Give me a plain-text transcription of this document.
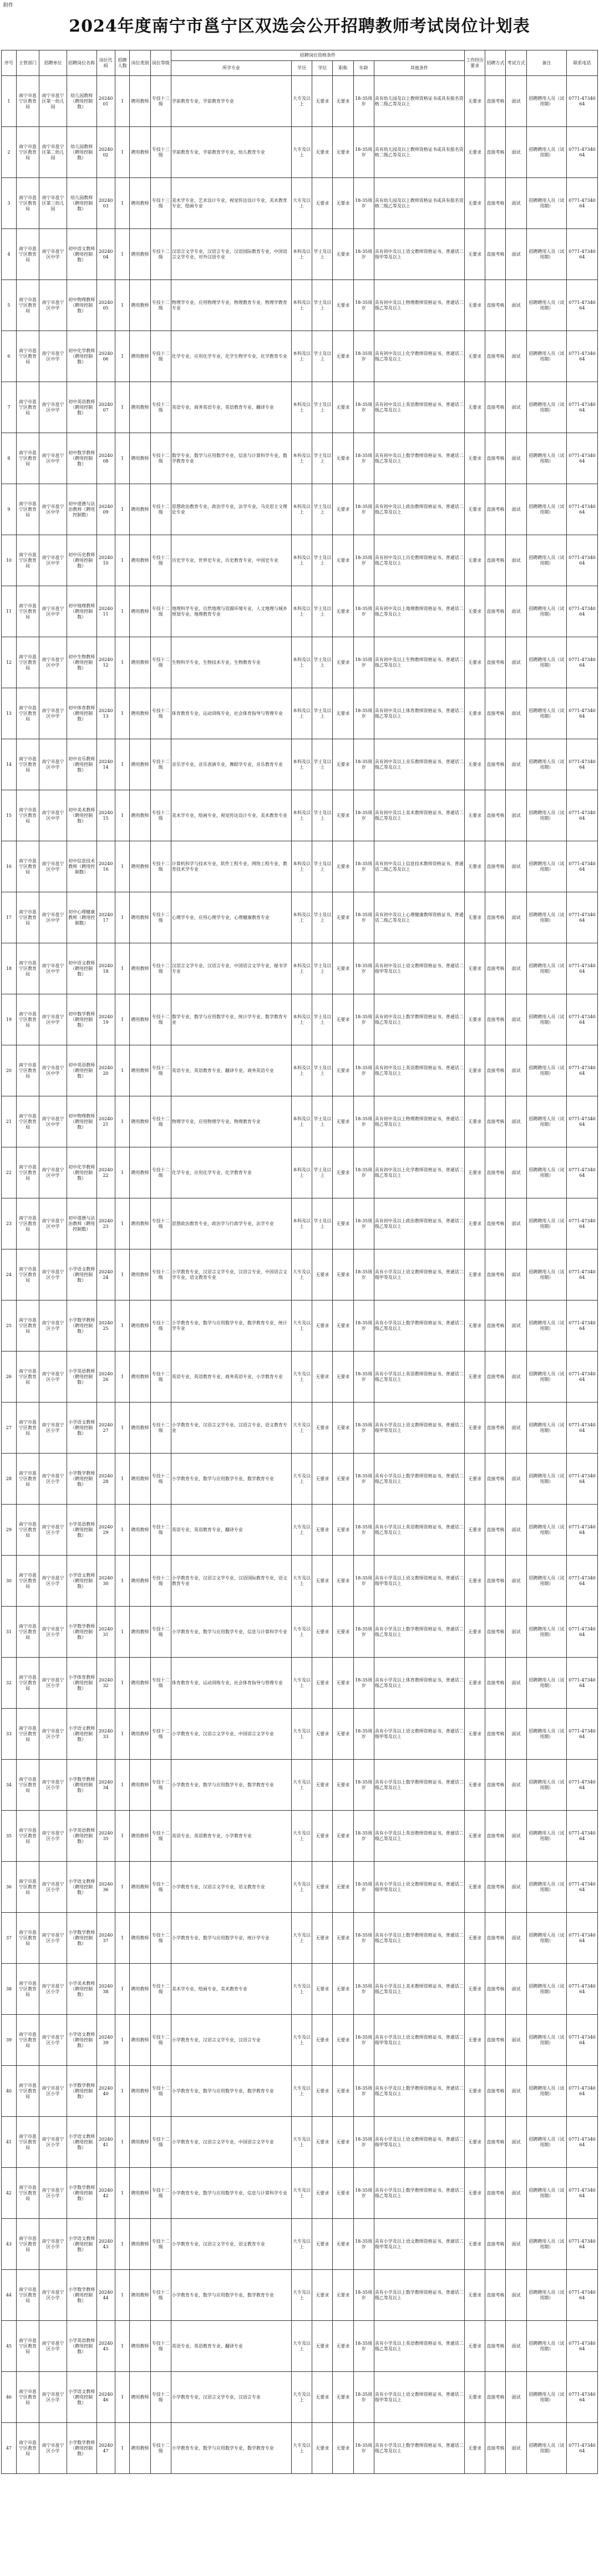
附件
2024年度南宁市邕宁区双选会公开招聘教师考试岗位计划表
序号	主管部门	招聘单位	招聘岗位名称	岗位代码	招聘人数	岗位类别	岗位等级	招聘岗位资格条件						工作经历要求	招聘方式	考试方式	备注	联系电话
								所学专业	学历	学位	职称	年龄	其他条件					
1	南宁市邕宁区教育局	南宁市邕宁区第一幼儿园	幼儿园教师（聘用控制数）	2024001	1	聘用教师	专技十三级	学前教育专业，学前教育学专业	大专及以上	无要求	无要求	18-35周岁	具有幼儿园及以上教师资格证书或具有报名资格二级乙等及以上	无要求	直接考核	面试	招聘聘用人员（试用期）	0771-4734064
2	南宁市邕宁区教育局	南宁市邕宁区第二幼儿园	幼儿园教师（聘用控制数）	2024002	1	聘用教师	专技十三级	学前教育专业，学前教育学专业，幼儿教育专业	大专及以上	无要求	无要求	18-35周岁	具有幼儿园及以上教师资格证书或具有报名资格二级乙等及以上	无要求	直接考核	面试	招聘聘用人员（试用期）	0771-4734064
3	南宁市邕宁区教育局	南宁市邕宁区第三幼儿园	幼儿园教师（聘用控制数）	2024003	1	聘用教师	专技十三级	美术学专业，艺术设计专业，视觉传达设计专业，美术教育专业，绘画专业	大专及以上	无要求	无要求	18-35周岁	具有幼儿园及以上教师资格证书或具有报名资格二级乙等及以上	无要求	直接考核	面试	招聘聘用人员（试用期）	0771-4734064
4	南宁市邕宁区教育局	南宁市邕宁区中学	初中语文教师（聘用控制数）	2024004	1	聘用教师	专技十二级	汉语言文学专业，汉语言专业，汉语国际教育专业，中国语言文学专业，对外汉语专业	本科及以上	学士及以上	无要求	18-35周岁	具有初中及以上语文教师资格证书，普通话二级甲等及以上	无要求	直接考核	面试	招聘聘用人员（试用期）	0771-4734064
5	南宁市邕宁区教育局	南宁市邕宁区中学	初中物理教师（聘用控制数）	2024005	1	聘用教师	专技十二级	物理学专业，应用物理学专业，物理教育专业，物理学教育专业	本科及以上	学士及以上	无要求	18-35周岁	具有初中及以上物理教师资格证书，普通话二级乙等及以上	无要求	直接考核	面试	招聘聘用人员（试用期）	0771-4734064
6	南宁市邕宁区教育局	南宁市邕宁区中学	初中化学教师（聘用控制数）	2024006	1	聘用教师	专技十二级	化学专业，应用化学专业，化学生物学专业，化学教育专业	本科及以上	学士及以上	无要求	18-35周岁	具有初中及以上化学教师资格证书，普通话二级乙等及以上	无要求	直接考核	面试	招聘聘用人员（试用期）	0771-4734064
7	南宁市邕宁区教育局	南宁市邕宁区中学	初中英语教师（聘用控制数）	2024007	1	聘用教师	专技十二级	英语专业，商务英语专业，英语教育专业，翻译专业	本科及以上	学士及以上	无要求	18-35周岁	具有初中及以上英语教师资格证书，普通话二级乙等及以上	无要求	直接考核	面试	招聘聘用人员（试用期）	0771-4734064
8	南宁市邕宁区教育局	南宁市邕宁区中学	初中数学教师（聘用控制数）	2024008	1	聘用教师	专技十二级	数学专业，数学与应用数学专业，信息与计算科学专业，数学教育专业	本科及以上	学士及以上	无要求	18-35周岁	具有初中及以上数学教师资格证书，普通话二级乙等及以上	无要求	直接考核	面试	招聘聘用人员（试用期）	0771-4734064
9	南宁市邕宁区教育局	南宁市邕宁区中学	初中道德与法治教师（聘用控制数）	2024009	1	聘用教师	专技十二级	思想政治教育专业，政治学专业，法学专业，马克思主义理论专业	本科及以上	学士及以上	无要求	18-35周岁	具有初中及以上政治教师资格证书，普通话二级乙等及以上	无要求	直接考核	面试	招聘聘用人员（试用期）	0771-4734064
10	南宁市邕宁区教育局	南宁市邕宁区中学	初中历史教师（聘用控制数）	2024010	1	聘用教师	专技十二级	历史学专业，世界史专业，历史教育专业，中国史专业	本科及以上	学士及以上	无要求	18-35周岁	具有初中及以上历史教师资格证书，普通话二级乙等及以上	无要求	直接考核	面试	招聘聘用人员（试用期）	0771-4734064
11	南宁市邕宁区教育局	南宁市邕宁区中学	初中地理教师（聘用控制数）	2024011	1	聘用教师	专技十二级	地理科学专业，自然地理与资源环境专业，人文地理与城乡规划专业，地理教育专业	本科及以上	学士及以上	无要求	18-35周岁	具有初中及以上地理教师资格证书，普通话二级乙等及以上	无要求	直接考核	面试	招聘聘用人员（试用期）	0771-4734064
12	南宁市邕宁区教育局	南宁市邕宁区中学	初中生物教师（聘用控制数）	2024012	1	聘用教师	专技十二级	生物科学专业，生物技术专业，生物教育专业	本科及以上	学士及以上	无要求	18-35周岁	具有初中及以上生物教师资格证书，普通话二级乙等及以上	无要求	直接考核	面试	招聘聘用人员（试用期）	0771-4734064
13	南宁市邕宁区教育局	南宁市邕宁区中学	初中体育教师（聘用控制数）	2024013	1	聘用教师	专技十二级	体育教育专业，运动训练专业，社会体育指导与管理专业	本科及以上	学士及以上	无要求	18-35周岁	具有初中及以上体育教师资格证书，普通话二级乙等及以上	无要求	直接考核	面试	招聘聘用人员（试用期）	0771-4734064
14	南宁市邕宁区教育局	南宁市邕宁区中学	初中音乐教师（聘用控制数）	2024014	1	聘用教师	专技十二级	音乐学专业，音乐表演专业，舞蹈学专业，音乐教育专业	本科及以上	学士及以上	无要求	18-35周岁	具有初中及以上音乐教师资格证书，普通话二级乙等及以上	无要求	直接考核	面试	招聘聘用人员（试用期）	0771-4734064
15	南宁市邕宁区教育局	南宁市邕宁区中学	初中美术教师（聘用控制数）	2024015	1	聘用教师	专技十二级	美术学专业，绘画专业，视觉传达设计专业，美术教育专业	本科及以上	学士及以上	无要求	18-35周岁	具有初中及以上美术教师资格证书，普通话二级乙等及以上	无要求	直接考核	面试	招聘聘用人员（试用期）	0771-4734064
16	南宁市邕宁区教育局	南宁市邕宁区中学	初中信息技术教师（聘用控制数）	2024016	1	聘用教师	专技十二级	计算机科学与技术专业，软件工程专业，网络工程专业，教育技术学专业	本科及以上	学士及以上	无要求	18-35周岁	具有初中及以上信息技术教师资格证书，普通话二级乙等及以上	无要求	直接考核	面试	招聘聘用人员（试用期）	0771-4734064
17	南宁市邕宁区教育局	南宁市邕宁区中学	初中心理健康教师（聘用控制数）	2024017	1	聘用教师	专技十二级	心理学专业，应用心理学专业，心理健康教育专业	本科及以上	学士及以上	无要求	18-35周岁	具有初中及以上心理健康教师资格证书，普通话二级乙等及以上	无要求	直接考核	面试	招聘聘用人员（试用期）	0771-4734064
18	南宁市邕宁区教育局	南宁市邕宁区中学	初中语文教师（聘用控制数）	2024018	1	聘用教师	专技十二级	汉语言文学专业，汉语言专业，中国语言文学专业，秘书学专业	本科及以上	学士及以上	无要求	18-35周岁	具有初中及以上语文教师资格证书，普通话二级甲等及以上	无要求	直接考核	面试	招聘聘用人员（试用期）	0771-4734064
19	南宁市邕宁区教育局	南宁市邕宁区中学	初中数学教师（聘用控制数）	2024019	1	聘用教师	专技十二级	数学专业，数学与应用数学专业，统计学专业，数学教育专业	本科及以上	学士及以上	无要求	18-35周岁	具有初中及以上数学教师资格证书，普通话二级乙等及以上	无要求	直接考核	面试	招聘聘用人员（试用期）	0771-4734064
20	南宁市邕宁区教育局	南宁市邕宁区中学	初中英语教师（聘用控制数）	2024020	1	聘用教师	专技十二级	英语专业，英语教育专业，翻译专业，商务英语专业	本科及以上	学士及以上	无要求	18-35周岁	具有初中及以上英语教师资格证书，普通话二级乙等及以上	无要求	直接考核	面试	招聘聘用人员（试用期）	0771-4734064
21	南宁市邕宁区教育局	南宁市邕宁区中学	初中物理教师（聘用控制数）	2024021	1	聘用教师	专技十二级	物理学专业，应用物理学专业，物理教育专业	本科及以上	学士及以上	无要求	18-35周岁	具有初中及以上物理教师资格证书，普通话二级乙等及以上	无要求	直接考核	面试	招聘聘用人员（试用期）	0771-4734064
22	南宁市邕宁区教育局	南宁市邕宁区中学	初中化学教师（聘用控制数）	2024022	1	聘用教师	专技十二级	化学专业，应用化学专业，化学教育专业	本科及以上	学士及以上	无要求	18-35周岁	具有初中及以上化学教师资格证书，普通话二级乙等及以上	无要求	直接考核	面试	招聘聘用人员（试用期）	0771-4734064
23	南宁市邕宁区教育局	南宁市邕宁区中学	初中道德与法治教师（聘用控制数）	2024023	1	聘用教师	专技十二级	思想政治教育专业，政治学与行政学专业，法学专业	本科及以上	学士及以上	无要求	18-35周岁	具有初中及以上政治教师资格证书，普通话二级乙等及以上	无要求	直接考核	面试	招聘聘用人员（试用期）	0771-4734064
24	南宁市邕宁区教育局	南宁市邕宁区小学	小学语文教师（聘用控制数）	2024024	1	聘用教师	专技十二级	小学教育专业，汉语言文学专业，汉语言专业，中国语言文学专业，语文教育专业	大专及以上	无要求	无要求	18-35周岁	具有小学及以上语文教师资格证书，普通话二级甲等及以上	无要求	直接考核	面试	招聘聘用人员（试用期）	0771-4734064
25	南宁市邕宁区教育局	南宁市邕宁区小学	小学数学教师（聘用控制数）	2024025	1	聘用教师	专技十二级	小学教育专业，数学与应用数学专业，数学教育专业，统计学专业	大专及以上	无要求	无要求	18-35周岁	具有小学及以上数学教师资格证书，普通话二级乙等及以上	无要求	直接考核	面试	招聘聘用人员（试用期）	0771-4734064
26	南宁市邕宁区教育局	南宁市邕宁区小学	小学英语教师（聘用控制数）	2024026	1	聘用教师	专技十二级	英语专业，英语教育专业，商务英语专业，小学教育专业	大专及以上	无要求	无要求	18-35周岁	具有小学及以上英语教师资格证书，普通话二级乙等及以上	无要求	直接考核	面试	招聘聘用人员（试用期）	0771-4734064
27	南宁市邕宁区教育局	南宁市邕宁区小学	小学语文教师（聘用控制数）	2024027	1	聘用教师	专技十二级	小学教育专业，汉语言文学专业，汉语言专业，语文教育专业	大专及以上	无要求	无要求	18-35周岁	具有小学及以上语文教师资格证书，普通话二级甲等及以上	无要求	直接考核	面试	招聘聘用人员（试用期）	0771-4734064
28	南宁市邕宁区教育局	南宁市邕宁区小学	小学数学教师（聘用控制数）	2024028	1	聘用教师	专技十二级	小学教育专业，数学与应用数学专业，数学教育专业	大专及以上	无要求	无要求	18-35周岁	具有小学及以上数学教师资格证书，普通话二级乙等及以上	无要求	直接考核	面试	招聘聘用人员（试用期）	0771-4734064
29	南宁市邕宁区教育局	南宁市邕宁区小学	小学英语教师（聘用控制数）	2024029	1	聘用教师	专技十二级	英语专业，英语教育专业，翻译专业	大专及以上	无要求	无要求	18-35周岁	具有小学及以上英语教师资格证书，普通话二级乙等及以上	无要求	直接考核	面试	招聘聘用人员（试用期）	0771-4734064
30	南宁市邕宁区教育局	南宁市邕宁区小学	小学语文教师（聘用控制数）	2024030	1	聘用教师	专技十二级	小学教育专业，汉语言文学专业，汉语国际教育专业，语文教育专业	大专及以上	无要求	无要求	18-35周岁	具有小学及以上语文教师资格证书，普通话二级甲等及以上	无要求	直接考核	面试	招聘聘用人员（试用期）	0771-4734064
31	南宁市邕宁区教育局	南宁市邕宁区小学	小学数学教师（聘用控制数）	2024031	1	聘用教师	专技十二级	小学教育专业，数学与应用数学专业，信息与计算科学专业	大专及以上	无要求	无要求	18-35周岁	具有小学及以上数学教师资格证书，普通话二级乙等及以上	无要求	直接考核	面试	招聘聘用人员（试用期）	0771-4734064
32	南宁市邕宁区教育局	南宁市邕宁区小学	小学体育教师（聘用控制数）	2024032	1	聘用教师	专技十二级	体育教育专业，运动训练专业，社会体育指导与管理专业	大专及以上	无要求	无要求	18-35周岁	具有小学及以上体育教师资格证书，普通话二级乙等及以上	无要求	直接考核	面试	招聘聘用人员（试用期）	0771-4734064
33	南宁市邕宁区教育局	南宁市邕宁区小学	小学语文教师（聘用控制数）	2024033	1	聘用教师	专技十二级	小学教育专业，汉语言文学专业，中国语言文学专业	大专及以上	无要求	无要求	18-35周岁	具有小学及以上语文教师资格证书，普通话二级甲等及以上	无要求	直接考核	面试	招聘聘用人员（试用期）	0771-4734064
34	南宁市邕宁区教育局	南宁市邕宁区小学	小学数学教师（聘用控制数）	2024034	1	聘用教师	专技十二级	小学教育专业，数学与应用数学专业，数学教育专业	大专及以上	无要求	无要求	18-35周岁	具有小学及以上数学教师资格证书，普通话二级乙等及以上	无要求	直接考核	面试	招聘聘用人员（试用期）	0771-4734064
35	南宁市邕宁区教育局	南宁市邕宁区小学	小学英语教师（聘用控制数）	2024035	1	聘用教师	专技十二级	英语专业，英语教育专业，小学教育专业	大专及以上	无要求	无要求	18-35周岁	具有小学及以上英语教师资格证书，普通话二级乙等及以上	无要求	直接考核	面试	招聘聘用人员（试用期）	0771-4734064
36	南宁市邕宁区教育局	南宁市邕宁区小学	小学语文教师（聘用控制数）	2024036	1	聘用教师	专技十二级	小学教育专业，汉语言文学专业，语文教育专业	大专及以上	无要求	无要求	18-35周岁	具有小学及以上语文教师资格证书，普通话二级甲等及以上	无要求	直接考核	面试	招聘聘用人员（试用期）	0771-4734064
37	南宁市邕宁区教育局	南宁市邕宁区小学	小学数学教师（聘用控制数）	2024037	1	聘用教师	专技十二级	小学教育专业，数学与应用数学专业，统计学专业	大专及以上	无要求	无要求	18-35周岁	具有小学及以上数学教师资格证书，普通话二级乙等及以上	无要求	直接考核	面试	招聘聘用人员（试用期）	0771-4734064
38	南宁市邕宁区教育局	南宁市邕宁区小学	小学美术教师（聘用控制数）	2024038	1	聘用教师	专技十二级	美术学专业，绘画专业，美术教育专业	大专及以上	无要求	无要求	18-35周岁	具有小学及以上美术教师资格证书，普通话二级乙等及以上	无要求	直接考核	面试	招聘聘用人员（试用期）	0771-4734064
39	南宁市邕宁区教育局	南宁市邕宁区小学	小学语文教师（聘用控制数）	2024039	1	聘用教师	专技十二级	小学教育专业，汉语言文学专业，汉语言专业	大专及以上	无要求	无要求	18-35周岁	具有小学及以上语文教师资格证书，普通话二级甲等及以上	无要求	直接考核	面试	招聘聘用人员（试用期）	0771-4734064
40	南宁市邕宁区教育局	南宁市邕宁区小学	小学数学教师（聘用控制数）	2024040	1	聘用教师	专技十二级	小学教育专业，数学与应用数学专业，数学教育专业	大专及以上	无要求	无要求	18-35周岁	具有小学及以上数学教师资格证书，普通话二级乙等及以上	无要求	直接考核	面试	招聘聘用人员（试用期）	0771-4734064
41	南宁市邕宁区教育局	南宁市邕宁区小学	小学语文教师（聘用控制数）	2024041	1	聘用教师	专技十二级	小学教育专业，汉语言文学专业，中国语言文学专业	大专及以上	无要求	无要求	18-35周岁	具有小学及以上语文教师资格证书，普通话二级甲等及以上	无要求	直接考核	面试	招聘聘用人员（试用期）	0771-4734064
42	南宁市邕宁区教育局	南宁市邕宁区小学	小学数学教师（聘用控制数）	2024042	1	聘用教师	专技十二级	小学教育专业，数学与应用数学专业，信息与计算科学专业	大专及以上	无要求	无要求	18-35周岁	具有小学及以上数学教师资格证书，普通话二级乙等及以上	无要求	直接考核	面试	招聘聘用人员（试用期）	0771-4734064
43	南宁市邕宁区教育局	南宁市邕宁区小学	小学语文教师（聘用控制数）	2024043	1	聘用教师	专技十二级	小学教育专业，汉语言文学专业，语文教育专业	大专及以上	无要求	无要求	18-35周岁	具有小学及以上语文教师资格证书，普通话二级甲等及以上	无要求	直接考核	面试	招聘聘用人员（试用期）	0771-4734064
44	南宁市邕宁区教育局	南宁市邕宁区小学	小学数学教师（聘用控制数）	2024044	1	聘用教师	专技十二级	小学教育专业，数学与应用数学专业，数学教育专业	大专及以上	无要求	无要求	18-35周岁	具有小学及以上数学教师资格证书，普通话二级乙等及以上	无要求	直接考核	面试	招聘聘用人员（试用期）	0771-4734064
45	南宁市邕宁区教育局	南宁市邕宁区小学	小学英语教师（聘用控制数）	2024045	1	聘用教师	专技十二级	英语专业，英语教育专业，翻译专业	大专及以上	无要求	无要求	18-35周岁	具有小学及以上英语教师资格证书，普通话二级乙等及以上	无要求	直接考核	面试	招聘聘用人员（试用期）	0771-4734064
46	南宁市邕宁区教育局	南宁市邕宁区小学	小学语文教师（聘用控制数）	2024046	1	聘用教师	专技十二级	小学教育专业，汉语言文学专业，汉语言专业	大专及以上	无要求	无要求	18-35周岁	具有小学及以上语文教师资格证书，普通话二级甲等及以上	无要求	直接考核	面试	招聘聘用人员（试用期）	0771-4734064
47	南宁市邕宁区教育局	南宁市邕宁区小学	小学数学教师（聘用控制数）	2024047	1	聘用教师	专技十二级	小学教育专业，数学与应用数学专业，数学教育专业	大专及以上	无要求	无要求	18-35周岁	具有小学及以上数学教师资格证书，普通话二级乙等及以上	无要求	直接考核	面试	招聘聘用人员（试用期）	0771-4734064
